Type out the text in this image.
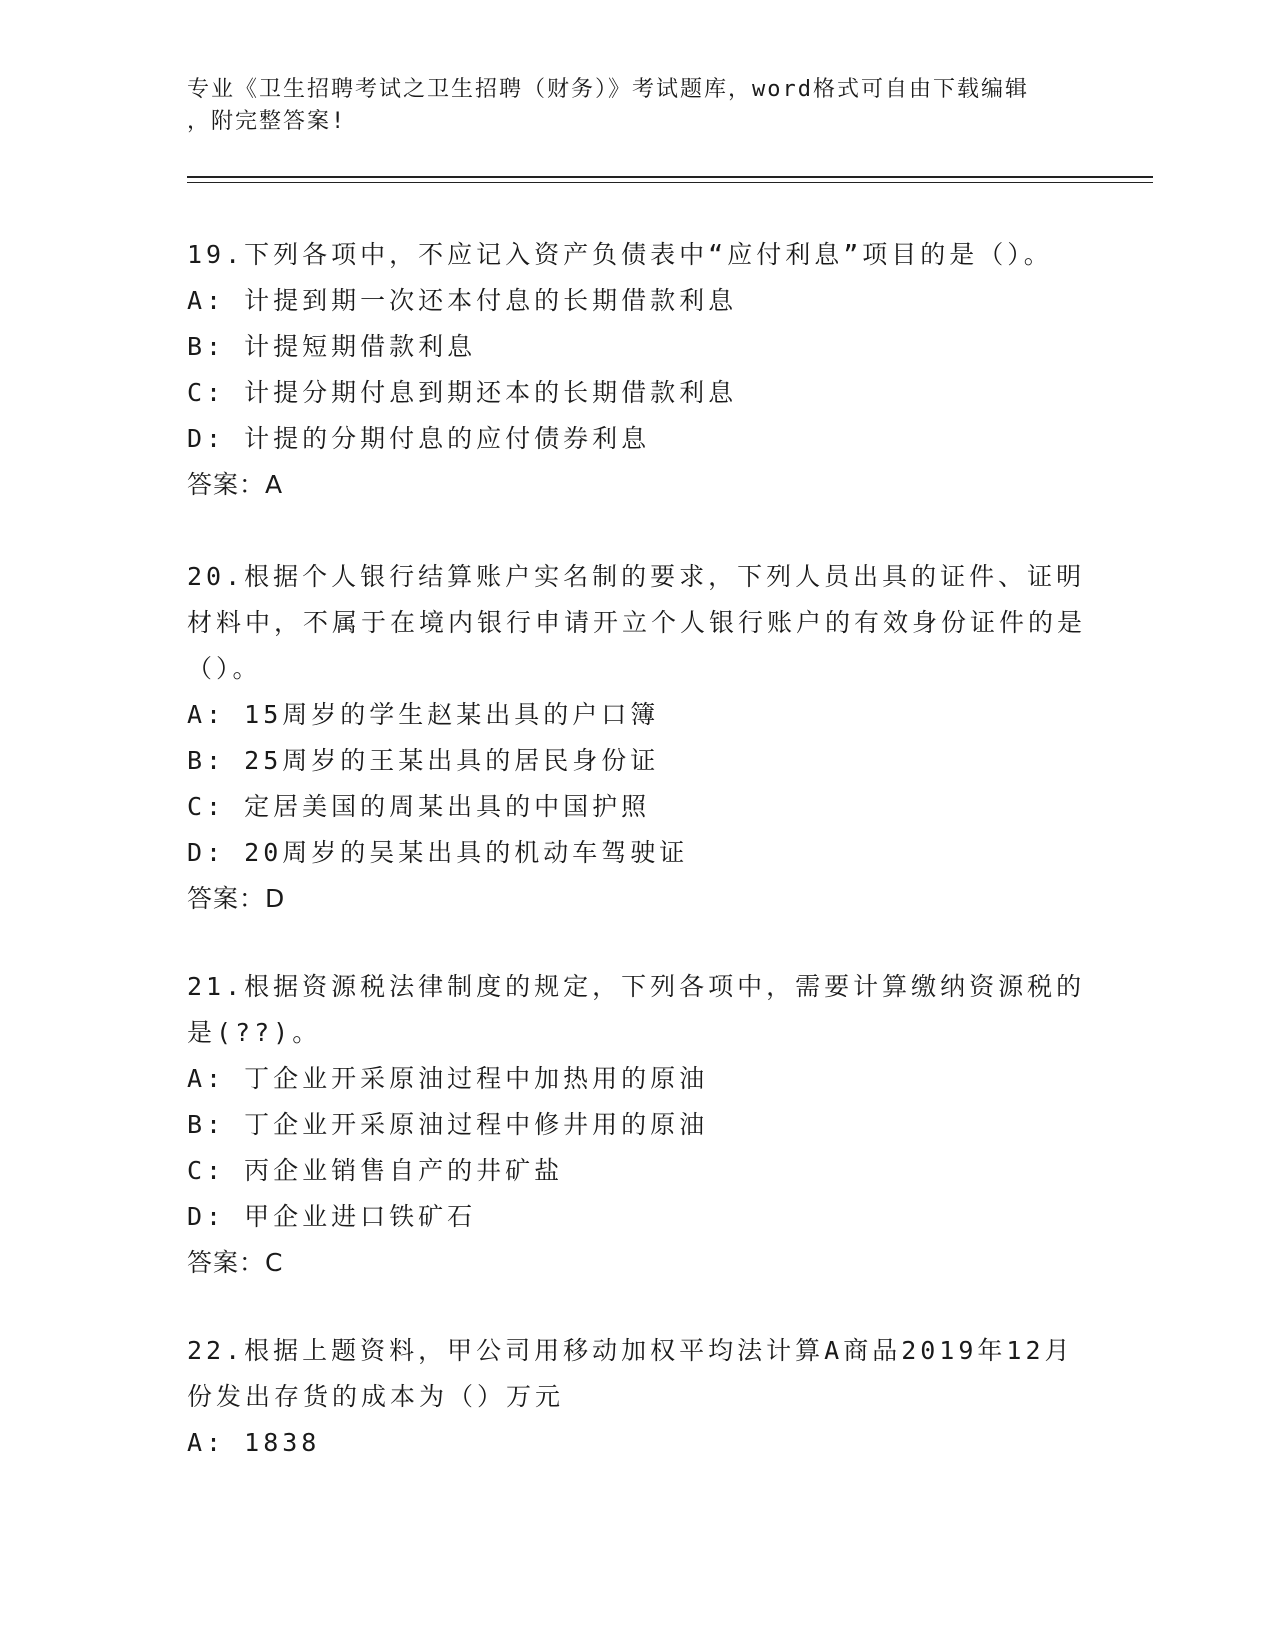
专业《卫生招聘考试之卫生招聘（财务）》考试题库，word格式可自由下载编辑
，附完整答案!

19.下列各项中，不应记入资产负债表中“应付利息”项目的是（）。

A: 计提到期一次还本付息的长期借款利息

B: 计提短期借款利息

C: 计提分期付息到期还本的长期借款利息

D: 计提的分期付息的应付债券利息

答案：A

20.根据个人银行结算账户实名制的要求，下列人员出具的证件、证明材料中，不属于在境内银行申请开立个人银行账户的有效身份证件的是（）。

A: 15周岁的学生赵某出具的户口簿

B: 25周岁的王某出具的居民身份证

C: 定居美国的周某出具的中国护照

D: 20周岁的吴某出具的机动车驾驶证

答案：D

21.根据资源税法律制度的规定，下列各项中，需要计算缴纳资源税的是(??)。

A: 丁企业开采原油过程中加热用的原油

B: 丁企业开采原油过程中修井用的原油

C: 丙企业销售自产的井矿盐

D: 甲企业进口铁矿石

答案：C

22.根据上题资料，甲公司用移动加权平均法计算A商品2019年12月份发出存货的成本为（）万元

A: 1838
